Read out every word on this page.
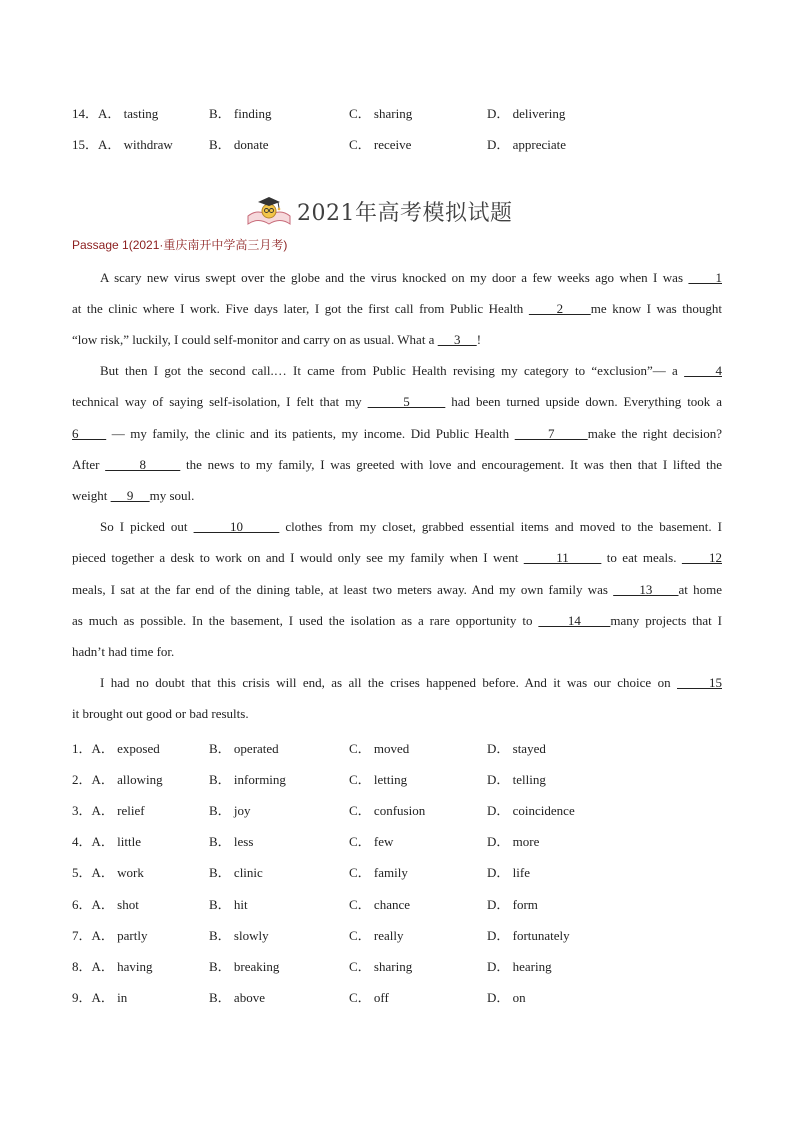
14．A． tasting	B． finding	C． sharing	D． delivering
15．A． withdraw	B． donate	C． receive	D． appreciate
2021年高考模拟试题
Passage 1(2021·重庆南开中学高三月考)
A scary new virus swept over the globe and the virus knocked on my door a few weeks ago when I was      1
at the clinic where I work. Five days later, I got the first call from Public Health      2     me know I was thought
“low risk,” luckily, I could self-monitor and carry on as usual. What a      3     !
But then I got the second call.… It came from Public Health revising my category to “exclusion”— a      4
technical way of saying self-isolation, I felt that my       5       had been turned upside down. Everything took a
6      — my family, the clinic and its patients, my income. Did Public Health       7      make the right decision?
After       8       the news to my family, I was greeted with love and encouragement. It was then that I lifted the
weight      9     my soul.
So I picked out       10       clothes from my closet, grabbed essential items and moved to the basement. I
pieced together a desk to work on and I would only see my family when I went       11       to eat meals.      12
meals, I sat at the far end of the dining table, at least two meters away. And my own family was      13     at home
as much as possible. In the basement, I used the isolation as a rare opportunity to      14     many projects that I
hadn’t had time for.
I had no doubt that this crisis will end, as all the crises happened before. And it was our choice on      15
it brought out good or bad results.
1．A． exposed	B． operated	C． moved	D． stayed
2．A． allowing	B． informing	C． letting	D． telling
3．A． relief	B． joy	C． confusion	D． coincidence
4．A． little	B． less	C． few	D． more
5．A． work	B． clinic	C． family	D． life
6．A． shot	B． hit	C． chance	D． form
7．A． partly	B． slowly	C． really	D． fortunately
8．A． having	B． breaking	C． sharing	D． hearing
9．A． in	B． above	C． off	D． on
